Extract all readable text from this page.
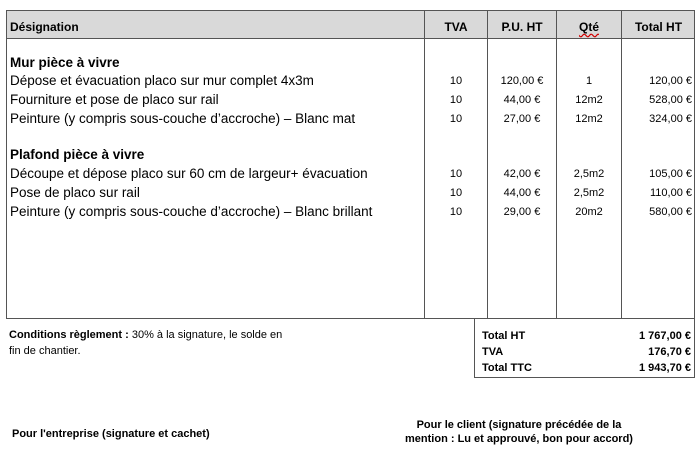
Désignation	TVA	P.U. HT	Qté	Total HT
Mur pièce à vivre
Dépose et évacuation placo sur mur complet 4x3m	10	120,00 €	1	120,00 €
Fourniture et pose de placo sur rail	10	44,00 €	12m2	528,00 €
Peinture (y compris sous-couche d’accroche) – Blanc mat	10	27,00 €	12m2	324,00 €
Plafond pièce à vivre
Découpe et dépose placo sur 60 cm de largeur+ évacuation	10	42,00 €	2,5m2	105,00 €
Pose de placo sur rail	10	44,00 €	2,5m2	110,00 €
Peinture (y compris sous-couche d’accroche) – Blanc brillant	10	29,00 €	20m2	580,00 €
Conditions règlement : 30% à la signature, le solde en
fin de chantier.
Total HT	1 767,00 €
TVA	176,70 €
Total TTC	1 943,70 €
Pour l'entreprise (signature et cachet)
Pour le client (signature précédée de la
mention : Lu et approuvé, bon pour accord)
